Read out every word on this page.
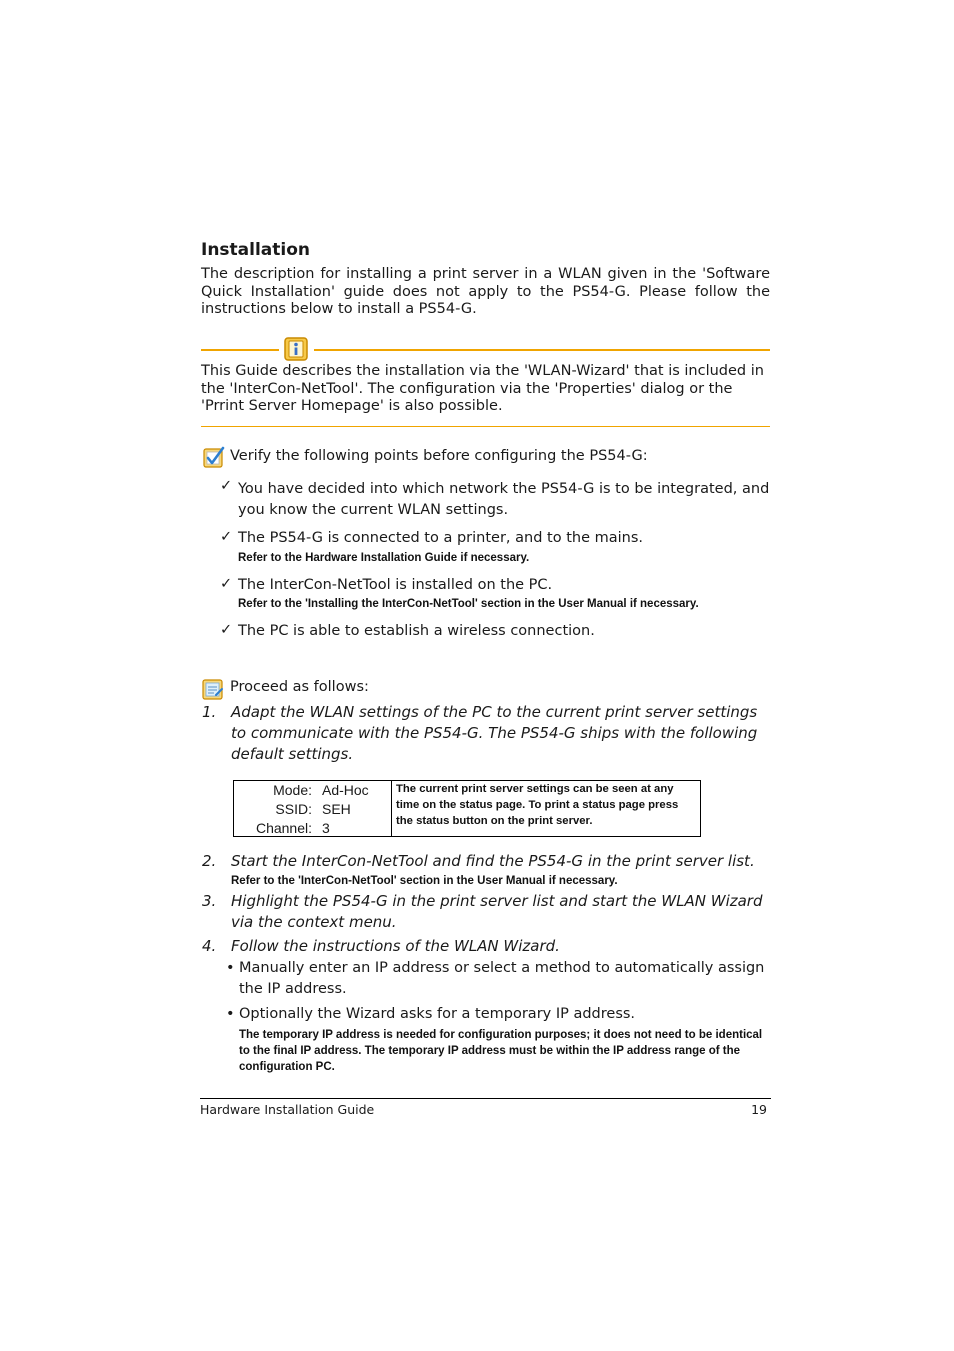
Installation
The description for installing a print server in a WLAN given in the 'Software Quick Installation' guide does not apply to the PS54-G. Please follow the instructions below to install a PS54-G.
This Guide describes the installation via the 'WLAN-Wizard' that is included in the 'InterCon-NetTool'. The configuration via the 'Properties' dialog or the 'Prrint Server Homepage' is also possible.
Verify the following points before configuring the PS54-G:
✓ You have decided into which network the PS54-G is to be integrated, and you know the current WLAN settings.
✓ The PS54-G is connected to a printer, and to the mains.
Refer to the Hardware Installation Guide if necessary.
✓ The InterCon-NetTool is installed on the PC.
Refer to the 'Installing the InterCon-NetTool' section in the User Manual if necessary.
✓ The PC is able to establish a wireless connection.
Proceed as follows:
1. Adapt the WLAN settings of the PC to the current print server settings to communicate with the PS54-G. The PS54-G ships with the following default settings.
Mode:
SSID:
Channel:
Ad-Hoc
SEH
3
The current print server settings can be seen at any time on the status page. To print a status page press the status button on the print server.
2. Start the InterCon-NetTool and find the PS54-G in the print server list.
Refer to the 'InterCon-NetTool' section in the User Manual if necessary.
3. Highlight the PS54-G in the print server list and start the WLAN Wizard via the context menu.
4. Follow the instructions of the WLAN Wizard.
• Manually enter an IP address or select a method to automatically assign the IP address.
• Optionally the Wizard asks for a temporary IP address.
The temporary IP address is needed for configuration purposes; it does not need to be identical to the final IP address. The temporary IP address must be within the IP address range of the configuration PC.
Hardware Installation Guide	19
